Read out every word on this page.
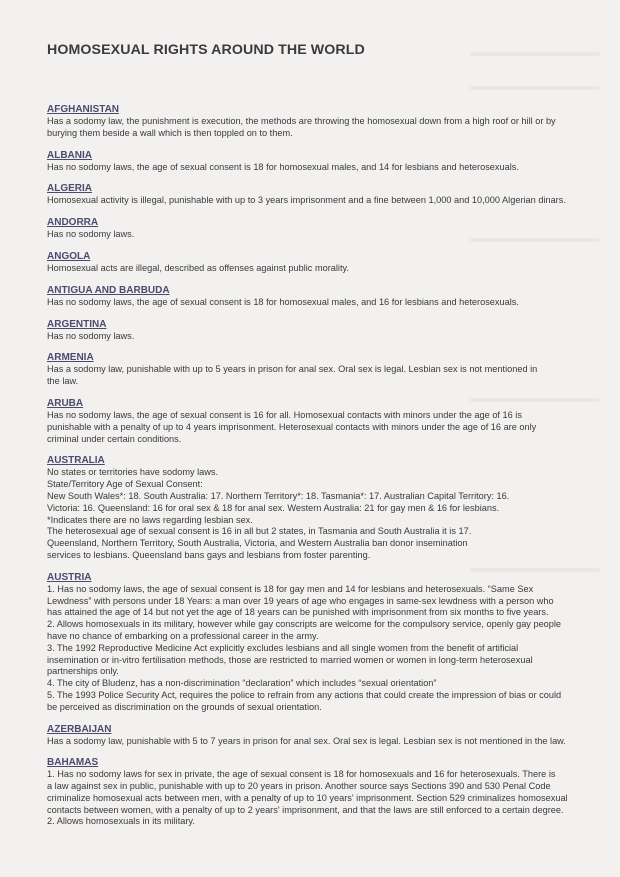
HOMOSEXUAL RIGHTS AROUND THE WORLD
AFGHANISTAN

Has a sodomy law, the punishment is execution, the methods are throwing the homosexual down from a high roof or hill or by

burying them beside a wall which is then toppled on to them.

ALBANIA

Has no sodomy laws, the age of sexual consent is 18 for homosexual males, and 14 for lesbians and heterosexuals.

ALGERIA

Homosexual activity is illegal, punishable with up to 3 years imprisonment and a fine between 1,000 and 10,000 Algerian dinars.

ANDORRA

Has no sodomy laws.

ANGOLA

Homosexual acts are illegal, described as offenses against public morality.

ANTIGUA AND BARBUDA

Has no sodomy laws, the age of sexual consent is 18 for homosexual males, and 16 for lesbians and heterosexuals.

ARGENTINA

Has no sodomy laws.

ARMENIA

Has a sodomy law, punishable with up to 5 years in prison for anal sex. Oral sex is legal. Lesbian sex is not mentioned in

the law.

ARUBA

Has no sodomy laws, the age of sexual consent is 16 for all. Homosexual contacts with minors under the age of 16 is

punishable with a penalty of up to 4 years imprisonment. Heterosexual contacts with minors under the age of 16 are only

criminal under certain conditions.

AUSTRALIA

No states or territories have sodomy laws.

State/Territory Age of Sexual Consent:

New South Wales*: 18. South Australia: 17. Northern Territory*: 18. Tasmania*: 17. Australian Capital Territory: 16.

Victoria: 16. Queensland: 16 for oral sex & 18 for anal sex. Western Australia: 21 for gay men & 16 for lesbians.

*Indicates there are no laws regarding lesbian sex.

The heterosexual age of sexual consent is 16 in all but 2 states, in Tasmania and South Australia it is 17.

Queensland, Northern Territory, South Australia, Victoria, and Western Australia ban donor insemination

services to lesbians. Queensland bans gays and lesbians from foster parenting.

AUSTRIA

1. Has no sodomy laws, the age of sexual consent is 18 for gay men and 14 for lesbians and heterosexuals. “Same Sex

Lewdness” with persons under 18 Years: a man over 19 years of age who engages in same-sex lewdness with a person who

has attained the age of 14 but not yet the age of 18 years can be punished with imprisonment from six months to five years.

2. Allows homosexuals in its military, however while gay conscripts are welcome for the compulsory service, openly gay people

have no chance of embarking on a professional career in the army.

3. The 1992 Reproductive Medicine Act explicitly excludes lesbians and all single women from the benefit of artificial

insemination or in-vitro fertilisation methods, those are restricted to married women or women in long-term heterosexual

partnerships only.

4. The city of Bludenz, has a non-discrimination “declaration” which includes “sexual orientation”

5. The 1993 Police Security Act, requires the police to refrain from any actions that could create the impression of bias or could

be perceived as discrimination on the grounds of sexual orientation.

AZERBAIJAN

Has a sodomy law, punishable with 5 to 7 years in prison for anal sex. Oral sex is legal. Lesbian sex is not mentioned in the law.

BAHAMAS

1. Has no sodomy laws for sex in private, the age of sexual consent is 18 for homosexuals and 16 for heterosexuals. There is

a law against sex in public, punishable with up to 20 years in prison. Another source says Sections 390 and 530 Penal Code

criminalize homosexual acts between men, with a penalty of up to 10 years' imprisonment. Section 529 criminalizes homosexual

contacts between women, with a penalty of up to 2 years' imprisonment, and that the laws are still enforced to a certain degree.

2. Allows homosexuals in its military.
